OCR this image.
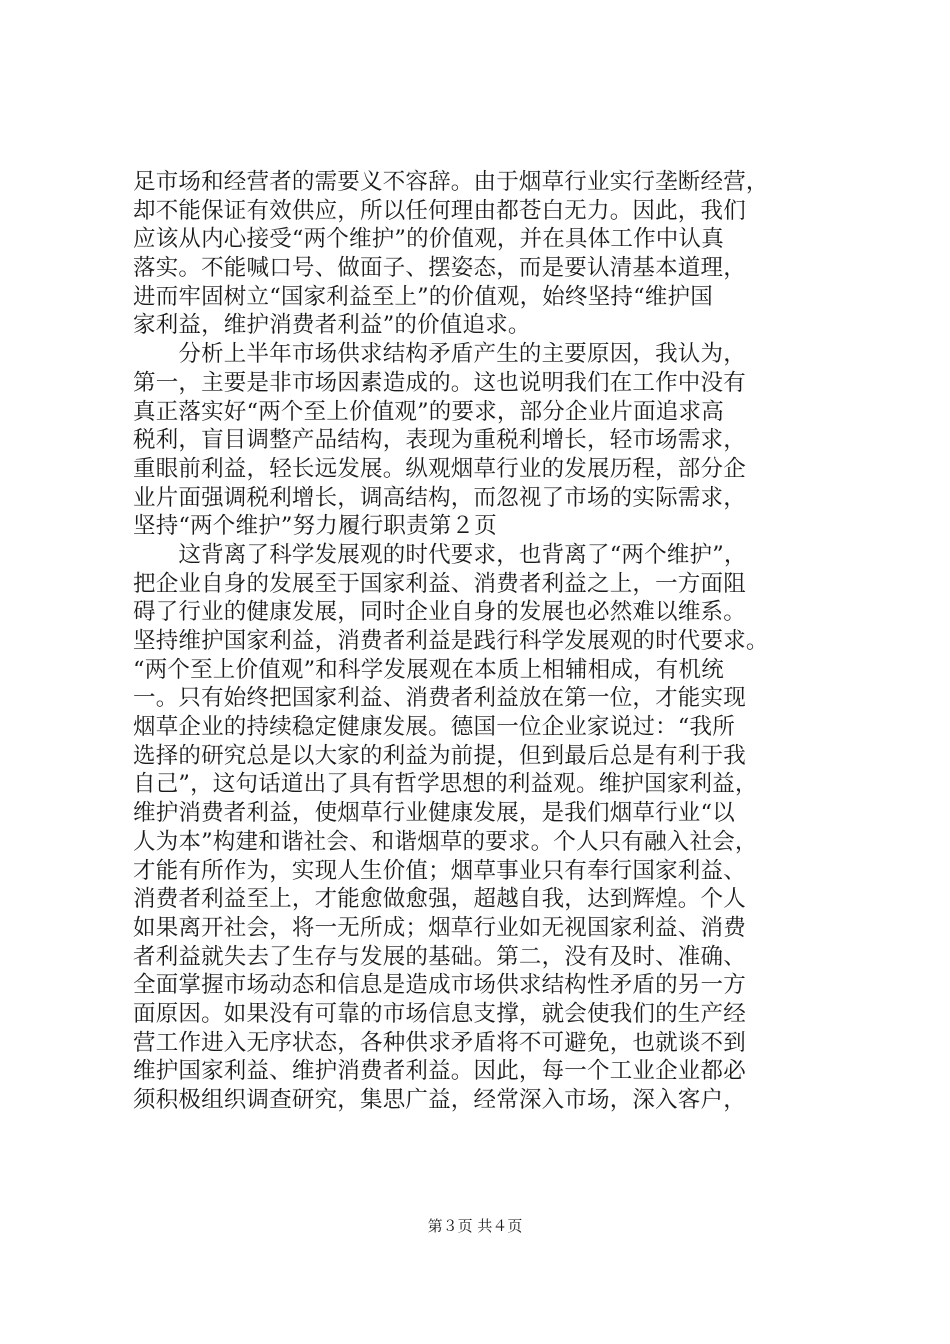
足市场和经营者的需要义不容辞。由于烟草行业实行垄断经营，
却不能保证有效供应，所以任何理由都苍白无力。因此，我们
应该从内心接受“两个维护”的价值观，并在具体工作中认真
落实。不能喊口号、做面子、摆姿态，而是要认清基本道理，
进而牢固树立“国家利益至上”的价值观，始终坚持“维护国
家利益，维护消费者利益”的价值追求。
　　分析上半年市场供求结构矛盾产生的主要原因，我认为，
第一，主要是非市场因素造成的。这也说明我们在工作中没有
真正落实好“两个至上价值观”的要求，部分企业片面追求高
税利，盲目调整产品结构，表现为重税利增长，轻市场需求，
重眼前利益，轻长远发展。纵观烟草行业的发展历程，部分企
业片面强调税利增长，调高结构，而忽视了市场的实际需求，
坚持“两个维护”努力履行职责第２页
　　这背离了科学发展观的时代要求，也背离了“两个维护”，
把企业自身的发展至于国家利益、消费者利益之上，一方面阻
碍了行业的健康发展，同时企业自身的发展也必然难以维系。
坚持维护国家利益，消费者利益是践行科学发展观的时代要求。
“两个至上价值观”和科学发展观在本质上相辅相成，有机统
一。只有始终把国家利益、消费者利益放在第一位，才能实现
烟草企业的持续稳定健康发展。德国一位企业家说过：“我所
选择的研究总是以大家的利益为前提，但到最后总是有利于我
自己”，这句话道出了具有哲学思想的利益观。维护国家利益，
维护消费者利益，使烟草行业健康发展，是我们烟草行业“以
人为本”构建和谐社会、和谐烟草的要求。个人只有融入社会，
才能有所作为，实现人生价值；烟草事业只有奉行国家利益、
消费者利益至上，才能愈做愈强，超越自我，达到辉煌。个人
如果离开社会，将一无所成；烟草行业如无视国家利益、消费
者利益就失去了生存与发展的基础。第二，没有及时、准确、
全面掌握市场动态和信息是造成市场供求结构性矛盾的另一方
面原因。如果没有可靠的市场信息支撑，就会使我们的生产经
营工作进入无序状态，各种供求矛盾将不可避免，也就谈不到
维护国家利益、维护消费者利益。因此，每一个工业企业都必
须积极组织调查研究，集思广益，经常深入市场，深入客户，
第３页 共４页
